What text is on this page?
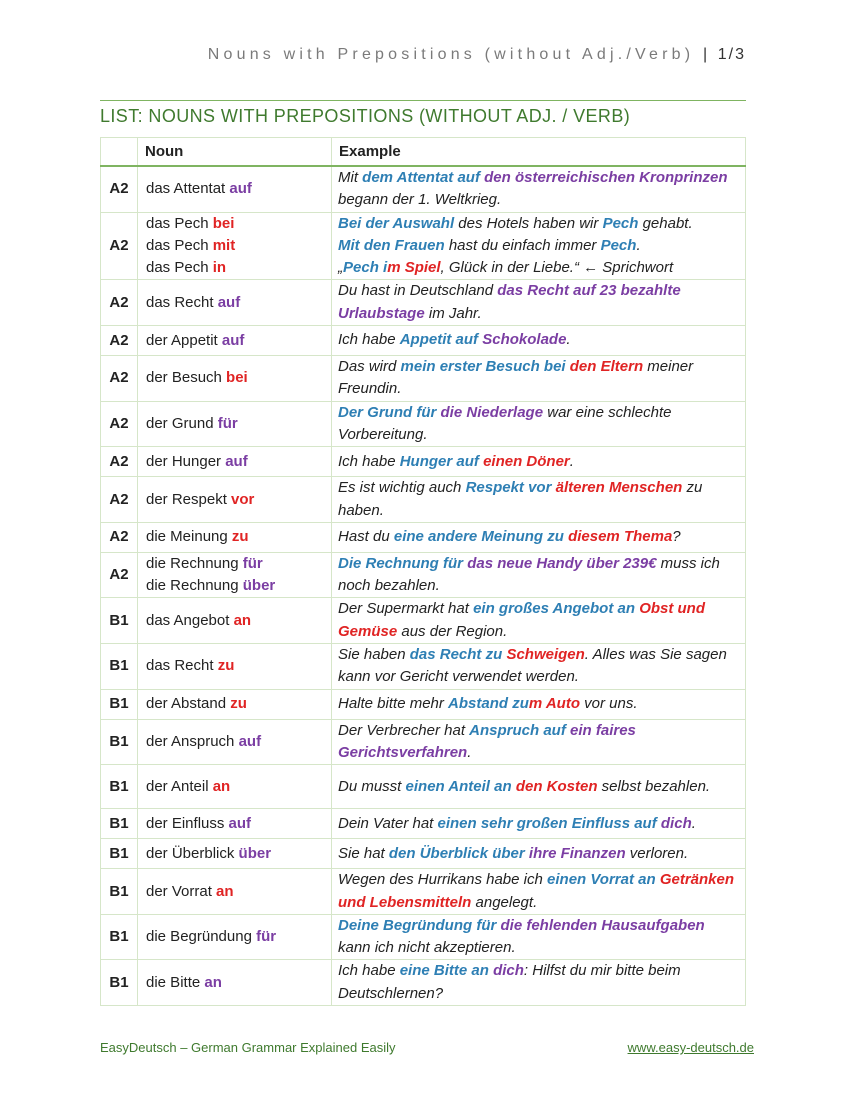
Nouns with Prepositions (without Adj./Verb) | 1/3
LIST: NOUNS WITH PREPOSITIONS (WITHOUT ADJ. / VERB)
	Noun	Example
A2	das Attentat auf	Mit dem Attentat auf den österreichischen Kronprinzen begann der 1. Weltkrieg.
A2	das Pech bei
das Pech mit
das Pech in	Bei der Auswahl des Hotels haben wir Pech gehabt.
Mit den Frauen hast du einfach immer Pech.
„Pech im Spiel, Glück in der Liebe.“ ← Sprichwort
A2	das Recht auf	Du hast in Deutschland das Recht auf 23 bezahlte Urlaubstage im Jahr.
A2	der Appetit auf	Ich habe Appetit auf Schokolade.
A2	der Besuch bei	Das wird mein erster Besuch bei den Eltern meiner Freundin.
A2	der Grund für	Der Grund für die Niederlage war eine schlechte Vorbereitung.
A2	der Hunger auf	Ich habe Hunger auf einen Döner.
A2	der Respekt vor	Es ist wichtig auch Respekt vor älteren Menschen zu haben.
A2	die Meinung zu	Hast du eine andere Meinung zu diesem Thema?
A2	die Rechnung für
die Rechnung über	Die Rechnung für das neue Handy über 239€ muss ich noch bezahlen.
B1	das Angebot an	Der Supermarkt hat ein großes Angebot an Obst und Gemüse aus der Region.
B1	das Recht zu	Sie haben das Recht zu Schweigen. Alles was Sie sagen kann vor Gericht verwendet werden.
B1	der Abstand zu	Halte bitte mehr Abstand zum Auto vor uns.
B1	der Anspruch auf	Der Verbrecher hat Anspruch auf ein faires Gerichtsverfahren.
B1	der Anteil an	Du musst einen Anteil an den Kosten selbst bezahlen.
B1	der Einfluss auf	Dein Vater hat einen sehr großen Einfluss auf dich.
B1	der Überblick über	Sie hat den Überblick über ihre Finanzen verloren.
B1	der Vorrat an	Wegen des Hurrikans habe ich einen Vorrat an Getränken und Lebensmitteln angelegt.
B1	die Begründung für	Deine Begründung für die fehlenden Hausaufgaben kann ich nicht akzeptieren.
B1	die Bitte an	Ich habe eine Bitte an dich: Hilfst du mir bitte beim Deutschlernen?
EasyDeutsch – German Grammar Explained Easily	www.easy-deutsch.de
